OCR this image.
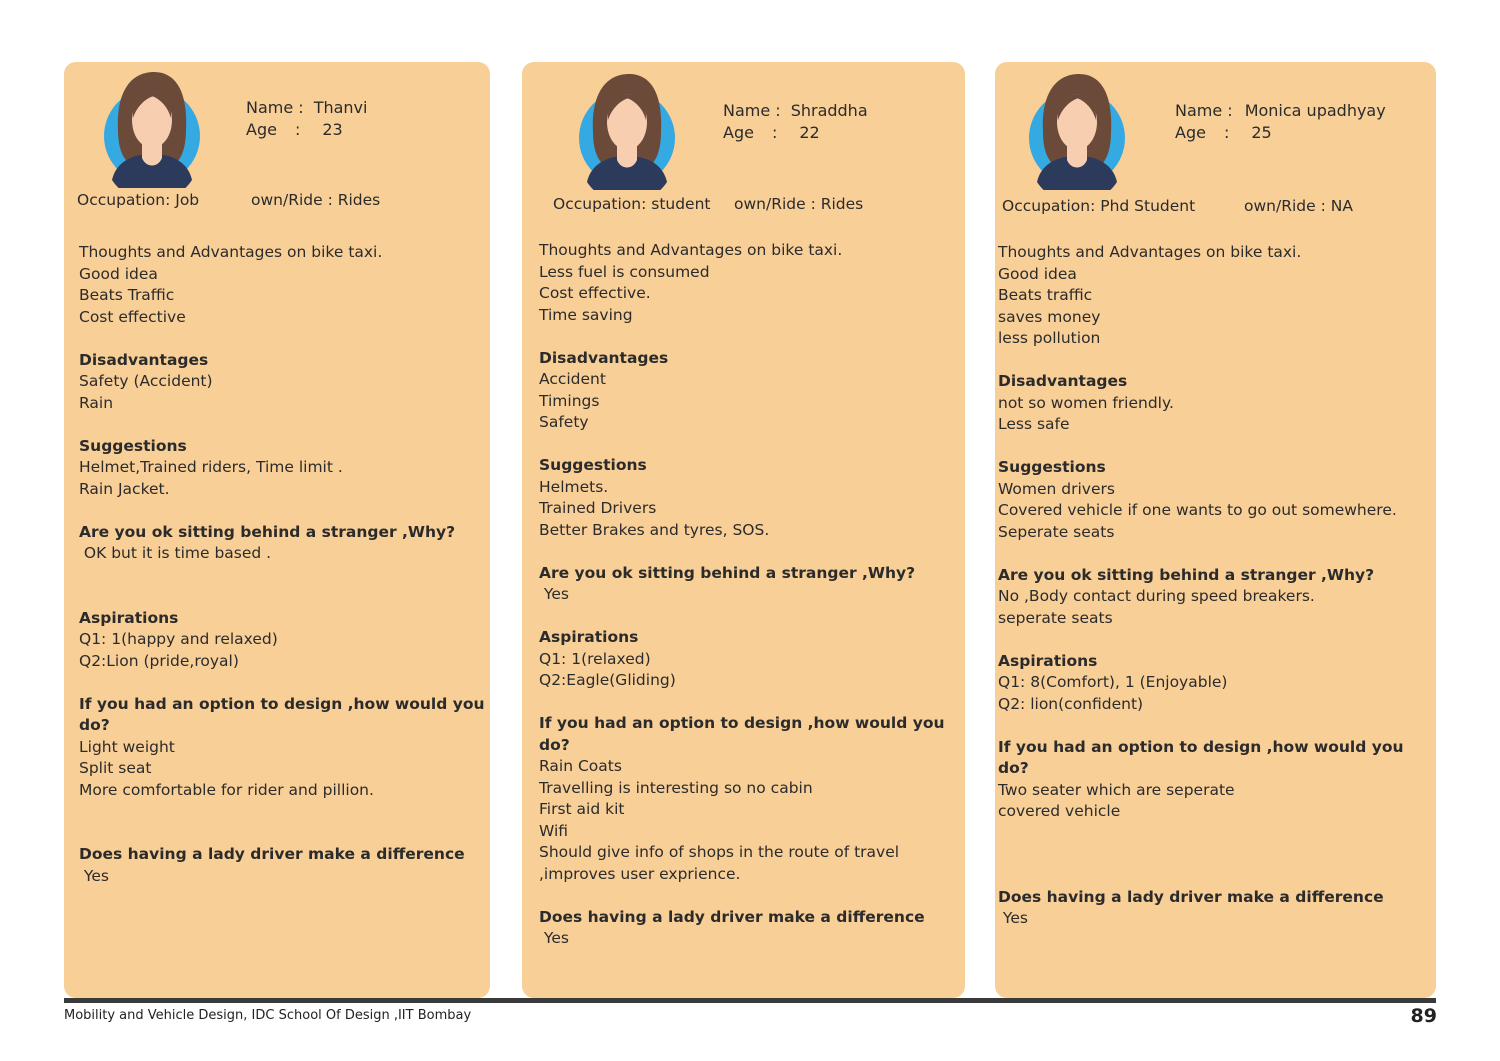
Name : Thanvi
Age : 23
Occupation: Job	own/Ride : Rides
Thoughts and Advantages on bike taxi.
Good idea
Beats Traffic
Cost effective
Disadvantages
Safety (Accident)
Rain
Suggestions
Helmet,Trained riders, Time limit .
Rain Jacket.
Are you ok sitting behind a stranger ,Why?
OK but it is time based .
Aspirations
Q1: 1(happy and relaxed)
Q2:Lion (pride,royal)
If you had an option to design ,how would you do?
Light weight
Split seat
More comfortable for rider and pillion.
Does having a lady driver make a difference
Yes
Name : Shraddha
Age : 22
Occupation: student own/Ride : Rides
Thoughts and Advantages on bike taxi.
Less fuel is consumed
Cost effective.
Time saving
Disadvantages
Accident
Timings
Safety
Suggestions
Helmets.
Trained Drivers
Better Brakes and tyres, SOS.
Are you ok sitting behind a stranger ,Why?
Yes
Aspirations
Q1: 1(relaxed)
Q2:Eagle(Gliding)
If you had an option to design ,how would you do?
Rain Coats
Travelling is interesting so no cabin
First aid kit
Wifi
Should give info of shops in the route of travel
,improves user exprience.
Does having a lady driver make a difference
Yes
Name : Monica upadhyay
Age : 25
Occupation: Phd Student	own/Ride : NA
Thoughts and Advantages on bike taxi.
Good idea
Beats traffic
saves money
less pollution
Disadvantages
not so women friendly.
Less safe
Suggestions
Women drivers
Covered vehicle if one wants to go out somewhere.
Seperate seats
Are you ok sitting behind a stranger ,Why?
No ,Body contact during speed breakers.
seperate seats
Aspirations
Q1: 8(Comfort), 1 (Enjoyable)
Q2: lion(confident)
If you had an option to design ,how would you do?
Two seater which are seperate
covered vehicle
Does having a lady driver make a difference
Yes
Mobility and Vehicle Design, IDC School Of Design ,IIT Bombay	89
